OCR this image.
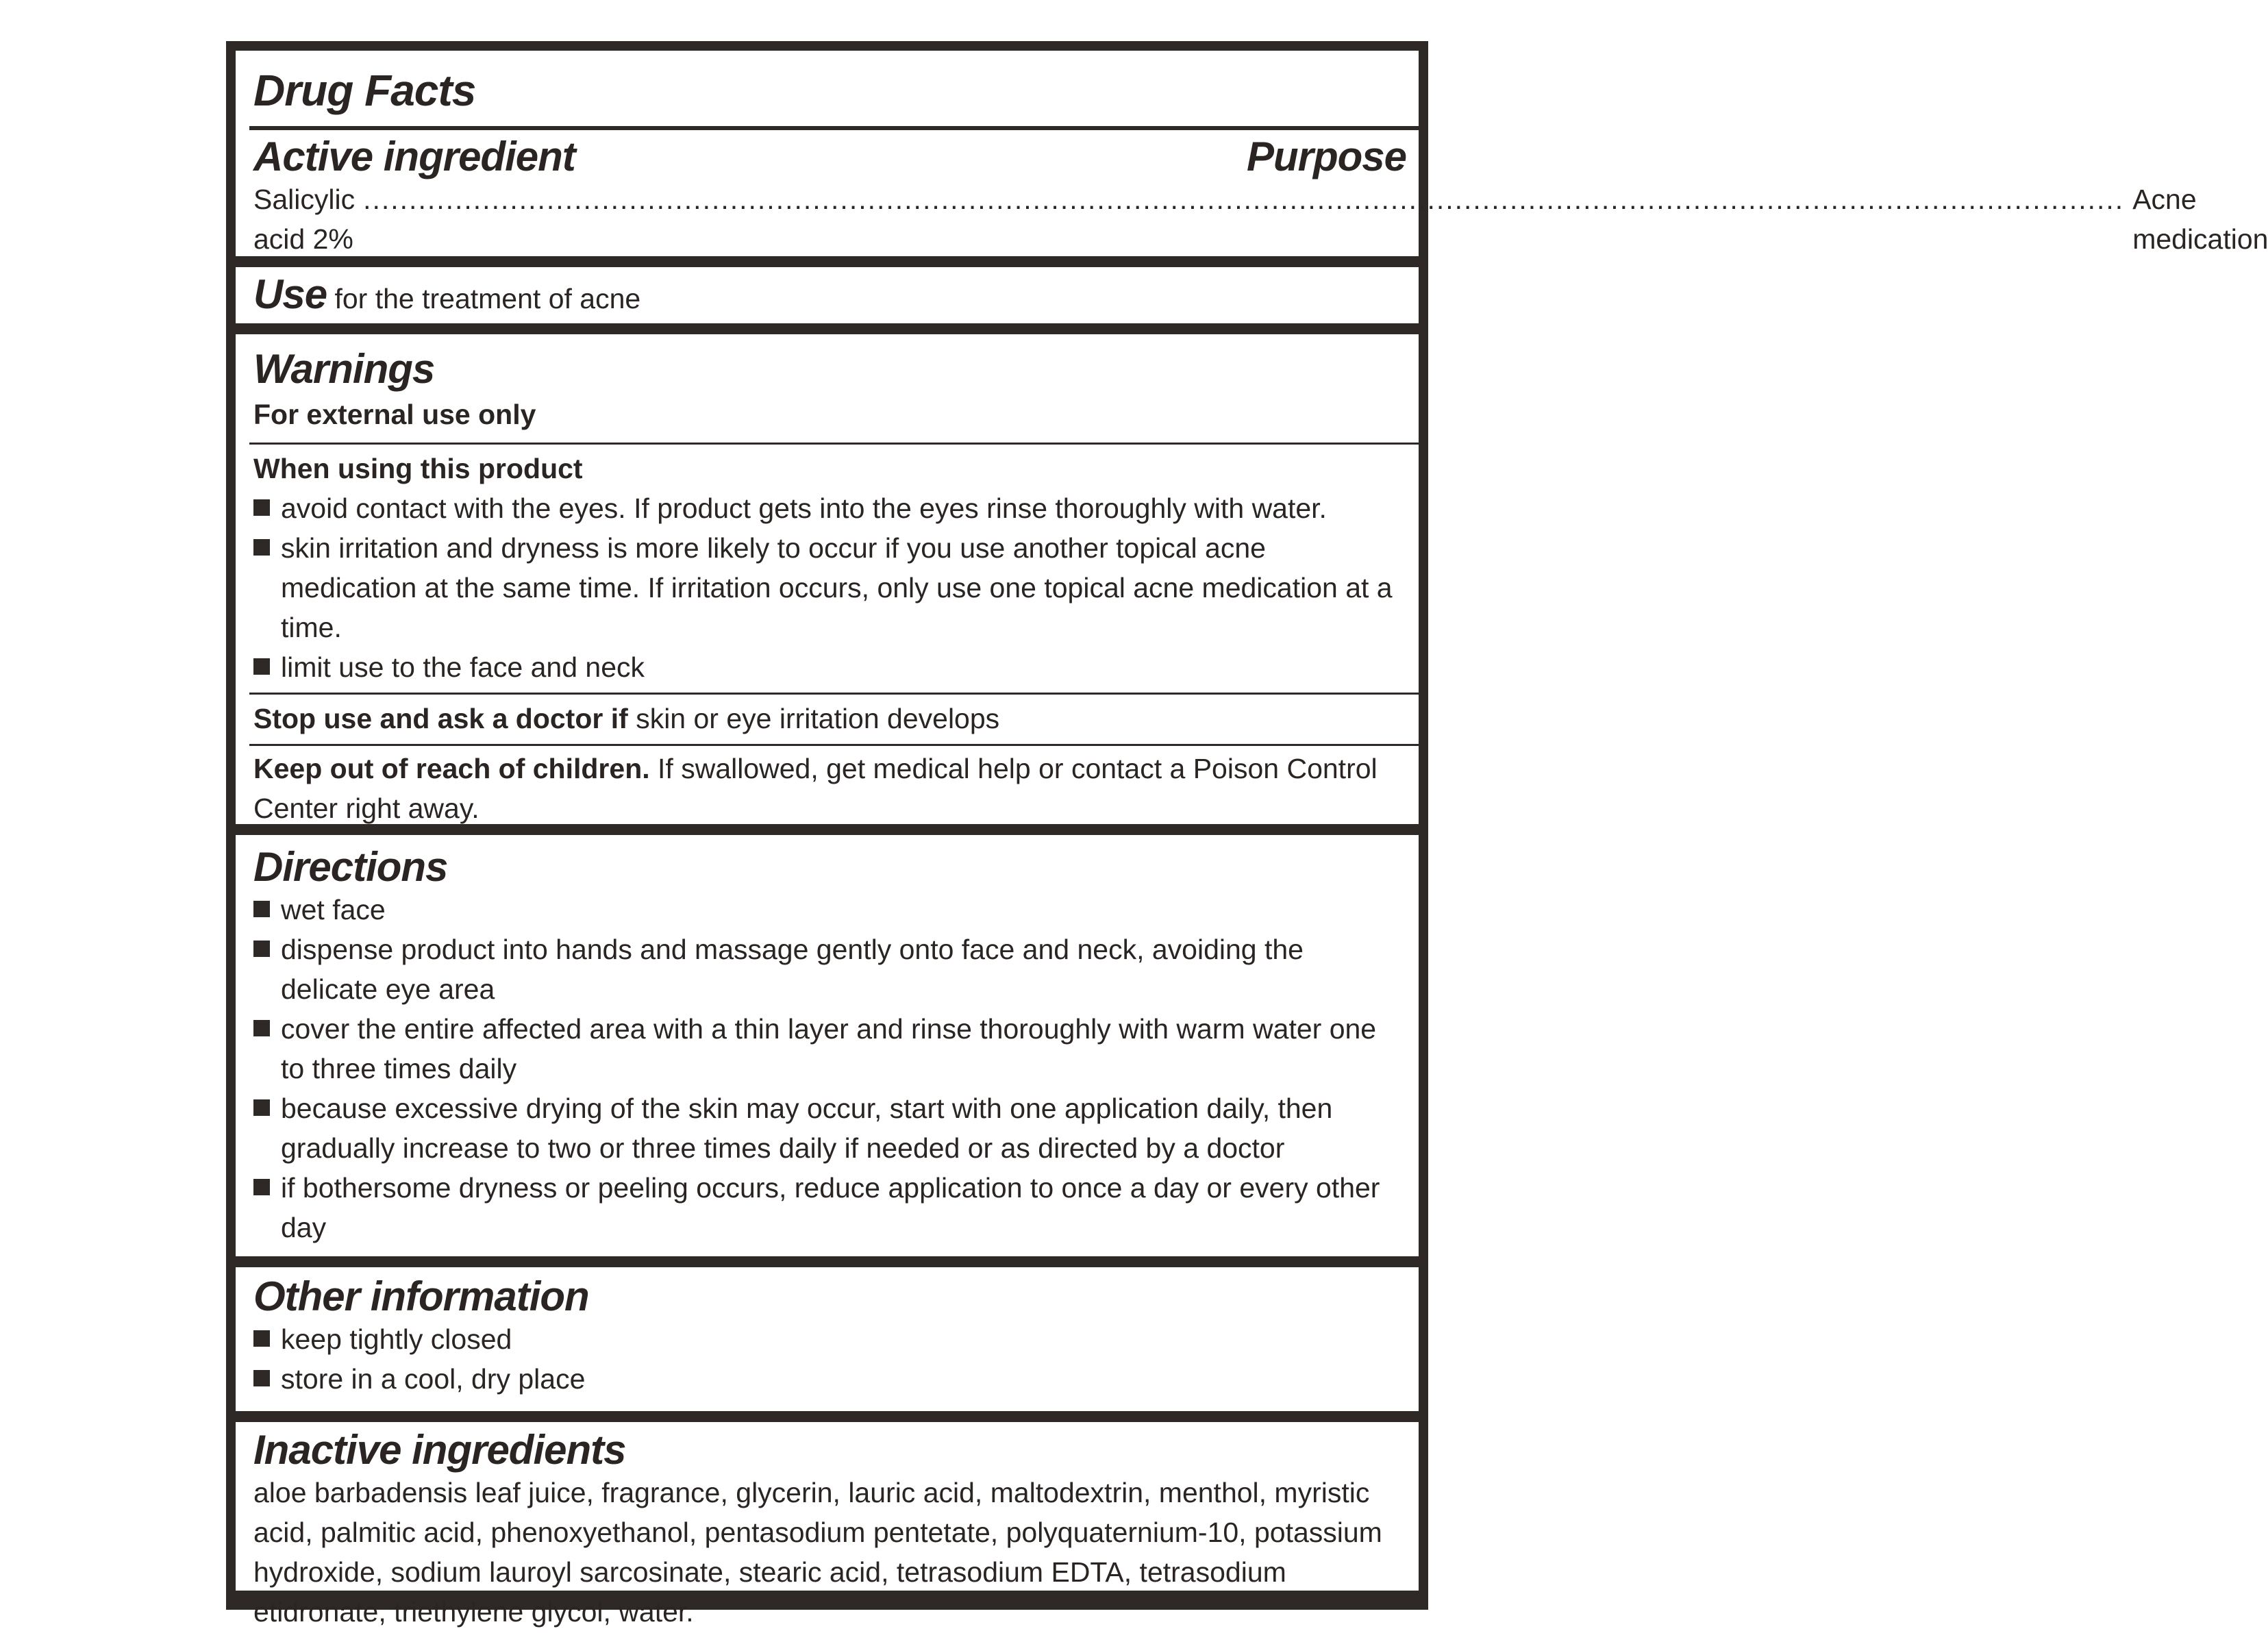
Drug Facts
Active ingredient	Purpose
Salicylic acid 2%
.....
Acne medication
Use for the treatment of acne
Warnings
For external use only
When using this product
avoid contact with the eyes. If product gets into the eyes rinse thoroughly with water.
skin irritation and dryness is more likely to occur if you use another topical acne medication at the same time. If irritation occurs, only use one topical acne medication at a time.
limit use to the face and neck
Stop use and ask a doctor if skin or eye irritation develops
Keep out of reach of children. If swallowed, get medical help or contact a Poison Control Center right away.
Directions
wet face
dispense product into hands and massage gently onto face and neck, avoiding the delicate eye area
cover the entire affected area with a thin layer and rinse thoroughly with warm water one to three times daily
because excessive drying of the skin may occur, start with one application daily, then gradually increase to two or three times daily if needed or as directed by a doctor
if bothersome dryness or peeling occurs, reduce application to once a day or every other day
Other information
keep tightly closed
store in a cool, dry place
Inactive ingredients
aloe barbadensis leaf juice, fragrance, glycerin, lauric acid, maltodextrin, menthol, myristic acid, palmitic acid, phenoxyethanol, pentasodium pentetate, polyquaternium-10, potassium hydroxide, sodium lauroyl sarcosinate, stearic acid, tetrasodium EDTA, tetrasodium etidronate, triethylene glycol, water.
